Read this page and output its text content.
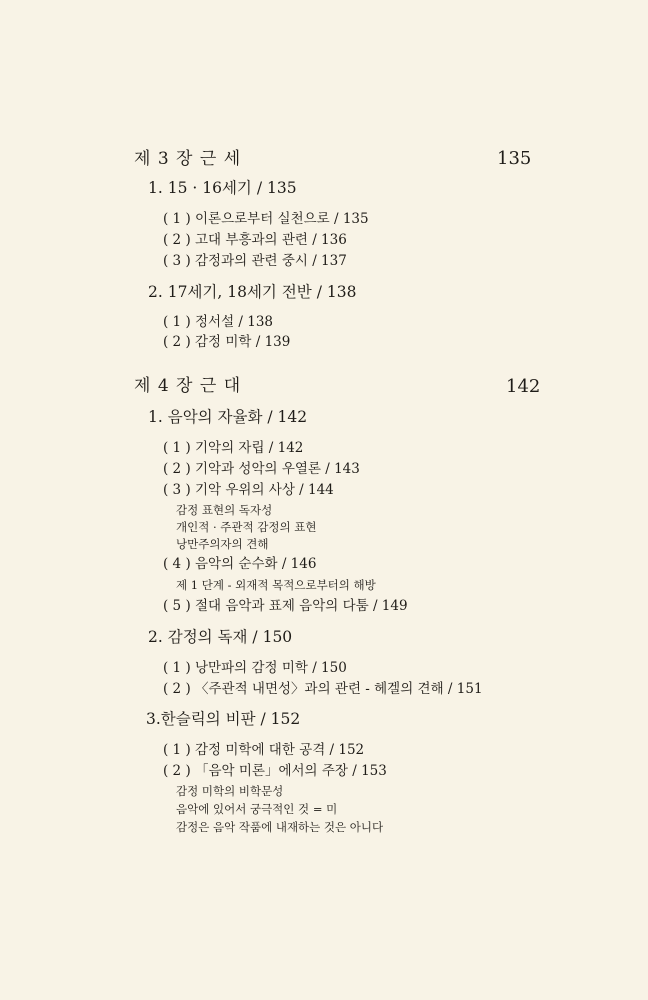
제 3 장 근 세	135
1. 15 · 16세기 / 135
( 1 ) 이론으로부터 실천으로 / 135
( 2 ) 고대 부흥과의 관련 / 136
( 3 ) 감정과의 관련 중시 / 137
2. 17세기, 18세기 전반 / 138
( 1 ) 정서설 / 138
( 2 ) 감정 미학 / 139
제 4 장 근 대	142
1. 음악의 자율화 / 142
( 1 ) 기악의 자립 / 142
( 2 ) 기악과 성악의 우열론 / 143
( 3 ) 기악 우위의 사상 / 144
감정 표현의 독자성
개인적 · 주관적 감정의 표현
낭만주의자의 견해
( 4 ) 음악의 순수화 / 146
제 1 단계 - 외재적 목적으로부터의 해방
( 5 ) 절대 음악과 표제 음악의 다툼 / 149
2. 감정의 독재 / 150
( 1 ) 낭만파의 감정 미학 / 150
( 2 ) 〈주관적 내면성〉과의 관련 - 헤겔의 견해 / 151
3.한슬릭의 비판 / 152
( 1 ) 감정 미학에 대한 공격 / 152
( 2 ) 「음악 미론」에서의 주장 / 153
감정 미학의 비학문성
음악에 있어서 궁극적인 것 = 미
감정은 음악 작품에 내재하는 것은 아니다
